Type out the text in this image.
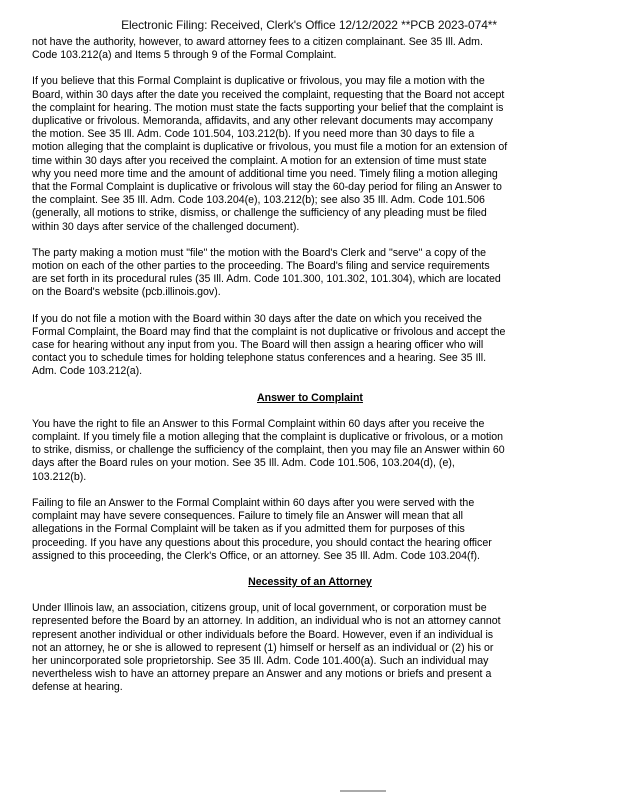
Electronic Filing: Received, Clerk's Office 12/12/2022 **PCB 2023-074**

not have the authority, however, to award attorney fees to a citizen complainant. See 35 Ill. Adm.
Code 103.212(a) and Items 5 through 9 of the Formal Complaint.

If you believe that this Formal Complaint is duplicative or frivolous, you may file a motion with the
Board, within 30 days after the date you received the complaint, requesting that the Board not accept
the complaint for hearing. The motion must state the facts supporting your belief that the complaint is
duplicative or frivolous. Memoranda, affidavits, and any other relevant documents may accompany
the motion. See 35 Ill. Adm. Code 101.504, 103.212(b). If you need more than 30 days to file a
motion alleging that the complaint is duplicative or frivolous, you must file a motion for an extension of
time within 30 days after you received the complaint. A motion for an extension of time must state
why you need more time and the amount of additional time you need. Timely filing a motion alleging
that the Formal Complaint is duplicative or frivolous will stay the 60-day period for filing an Answer to
the complaint. See 35 Ill. Adm. Code 103.204(e), 103.212(b); see also 35 Ill. Adm. Code 101.506
(generally, all motions to strike, dismiss, or challenge the sufficiency of any pleading must be filed
within 30 days after service of the challenged document).

The party making a motion must "file" the motion with the Board's Clerk and "serve" a copy of the
motion on each of the other parties to the proceeding. The Board's filing and service requirements
are set forth in its procedural rules (35 Ill. Adm. Code 101.300, 101.302, 101.304), which are located
on the Board's website (pcb.illinois.gov).

If you do not file a motion with the Board within 30 days after the date on which you received the
Formal Complaint, the Board may find that the complaint is not duplicative or frivolous and accept the
case for hearing without any input from you. The Board will then assign a hearing officer who will
contact you to schedule times for holding telephone status conferences and a hearing. See 35 Ill.
Adm. Code 103.212(a).

Answer to Complaint

You have the right to file an Answer to this Formal Complaint within 60 days after you receive the
complaint. If you timely file a motion alleging that the complaint is duplicative or frivolous, or a motion
to strike, dismiss, or challenge the sufficiency of the complaint, then you may file an Answer within 60
days after the Board rules on your motion. See 35 Ill. Adm. Code 101.506, 103.204(d), (e),
103.212(b).

Failing to file an Answer to the Formal Complaint within 60 days after you were served with the
complaint may have severe consequences. Failure to timely file an Answer will mean that all
allegations in the Formal Complaint will be taken as if you admitted them for purposes of this
proceeding. If you have any questions about this procedure, you should contact the hearing officer
assigned to this proceeding, the Clerk's Office, or an attorney. See 35 Ill. Adm. Code 103.204(f).

Necessity of an Attorney

Under Illinois law, an association, citizens group, unit of local government, or corporation must be
represented before the Board by an attorney. In addition, an individual who is not an attorney cannot
represent another individual or other individuals before the Board. However, even if an individual is
not an attorney, he or she is allowed to represent (1) himself or herself as an individual or (2) his or
her unincorporated sole proprietorship. See 35 Ill. Adm. Code 101.400(a). Such an individual may
nevertheless wish to have an attorney prepare an Answer and any motions or briefs and present a
defense at hearing.
